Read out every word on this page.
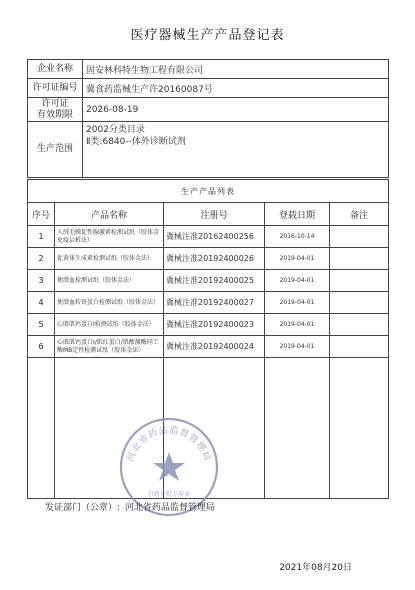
医疗器械生产产品登记表
企业名称	固安林科特生物工程有限公司
许可证编号	冀食药监械生产许20160087号

许可证
有效期限	2026-08-19
生产范围	2002分类目录
Ⅱ类:6840--体外诊断试剂
生产产品列表				
序号	产品名称	注册号	登载日期	备注
1	人绒毛膜促性腺激素检测试纸（胶体金免疫层析法）	冀械注准20162400256	2016-10-14	
2	促黄体生成素检测试纸（胶体金法）	冀械注准20192400026	2019-04-01	
3	便潜血检测试纸（胶体金法）	冀械注准20192400025	2019-04-01	
4	便潜血转铁蛋白检测试纸（胶体金法）	冀械注准20192400027	2019-04-01	
5	心肌肌钙蛋白I检测试纸（胶体金法）	冀械注准20192400023	2019-04-01	
6	心肌肌钙蛋白I/肌红蛋白/肌酸激酶同工酶MB定性检测试纸（胶体金法）	冀械注准20192400024	2019-04-01	

河北省药品监督管理局
行政审批专用章
发证部门（公章）: 河北省药品监督管理局
2021年08月20日
